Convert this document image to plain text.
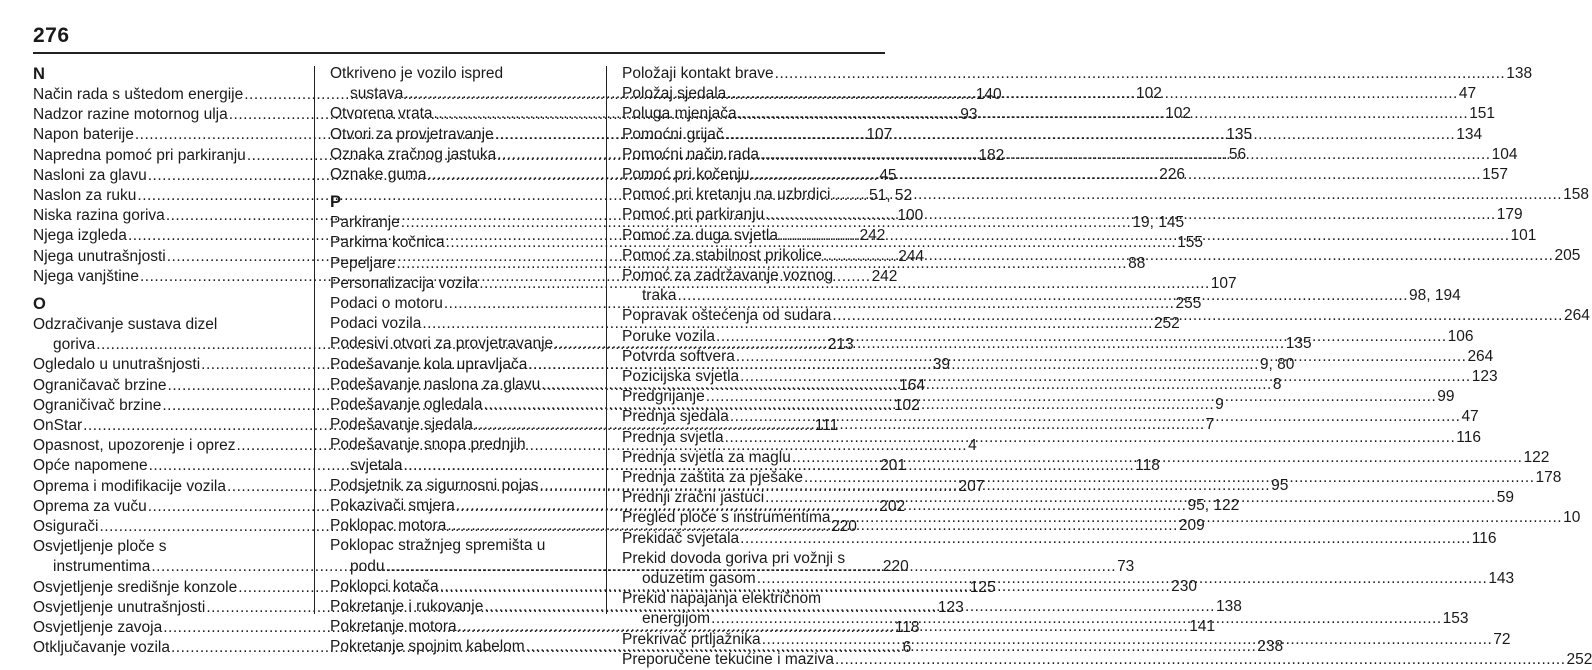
276
N
Način rada s uštedom energije .....	140
Nadzor razine motornog ulja .....	93
Napon baterije .....	107
Napredna pomoć pri parkiranju .....	182
Nasloni za glavu .....	45
Naslon za ruku .....	51, 52
Niska razina goriva .....	100
Njega izgleda .....	242
Njega unutrašnjosti .....	244
Njega vanjštine .....	242
O
Odzračivanje sustava dizel
goriva .....	213
Ogledalo u unutrašnjosti .....	39
Ograničavač brzine .....	164
Ograničivač brzine .....	102
OnStar .....	111
Opasnost, upozorenje i oprez .....	4
Opće napomene .....	201
Oprema i modifikacije vozila .....	207
Oprema za vuču .....	202
Osigurači .....	220
Osvjetljenje ploče s
instrumentima .....	220
Osvjetljenje središnje konzole .....	125
Osvjetljenje unutrašnjosti .....	123
Osvjetljenje zavoja .....	118
Otključavanje vozila .....	6
Otkriveno je vozilo ispred
sustava .....	102
Otvorena vrata .....	102
Otvori za provjetravanje .....	135
Oznaka zračnog jastuka .....	56
Oznake guma .....	226
P
Parkiranje .....	19, 145
Parkirna kočnica .....	155
Pepeljare .....	88
Personalizacija vozila .....	107
Podaci o motoru .....	255
Podaci vozila .....	252
Podesivi otvori za provjetravanje .....	135
Podešavanje kola upravljača .....	9, 80
Podešavanje naslona za glavu .....	8
Podešavanje ogledala .....	9
Podešavanje sjedala .....	7
Podešavanje snopa prednjih
svjetala .....	118
Podsjetnik za sigurnosni pojas .....	95
Pokazivači smjera .....	95, 122
Poklopac motora .....	209
Poklopac stražnjeg spremišta u
podu .....	73
Poklopci kotača .....	230
Pokretanje i rukovanje .....	138
Pokretanje motora .....	141
Pokretanje spojnim kabelom .....	238
Položaji kontakt brave .....	138
Položaj sjedala .....	47
Poluga mjenjača .....	151
Pomoćni grijač .....	134
Pomoćni način rada .....	104
Pomoć pri kočenju .....	157
Pomoć pri kretanju na uzbrdici .....	158
Pomoć pri parkiranju .....	179
Pomoć za duga svjetla .....	101
Pomoć za stabilnost prikolice .....	205
Pomoć za zadržavanje voznog
traka .....	98, 194
Popravak oštećenja od sudara .....	264
Poruke vozila .....	106
Potvrda softvera .....	264
Pozicijska svjetla .....	123
Predgrijanje .....	99
Prednja sjedala .....	47
Prednja svjetla .....	116
Prednja svjetla za maglu .....	122
Prednja zaštita za pješake .....	178
Prednji zračni jastuci .....	59
Pregled ploče s instrumentima .....	10
Prekidač svjetala .....	116
Prekid dovoda goriva pri vožnji s
oduzetim gasom .....	143
Prekid napajanja električnom
energijom .....	153
Prekrivač prtljažnika .....	72
Preporučene tekućine i maziva .....	252
